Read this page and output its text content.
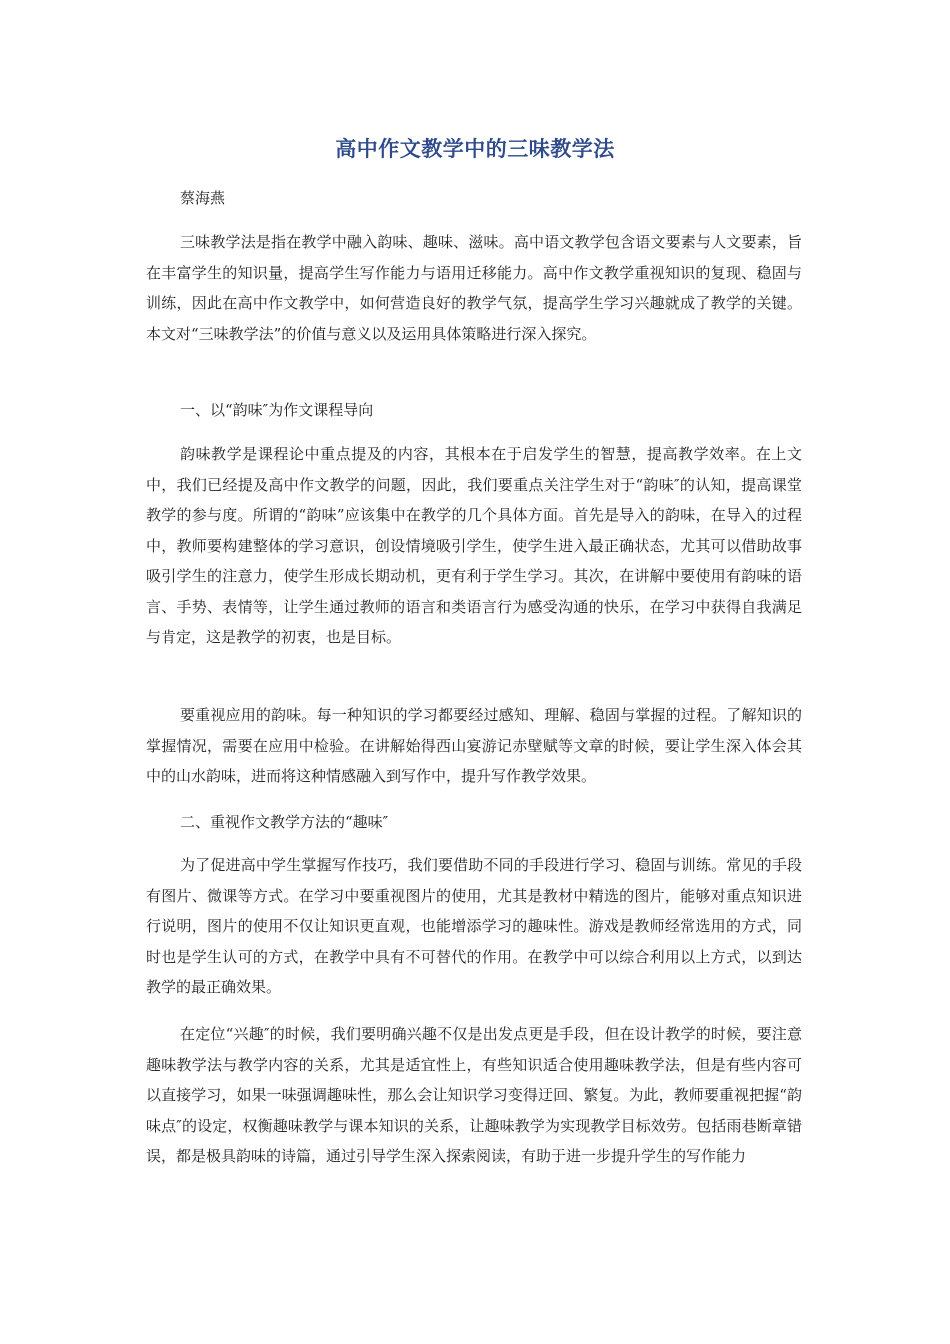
高中作文教学中的三味教学法
蔡海燕

三味教学法是指在教学中融入韵味、趣味、滋味。高中语文教学包含语文要素与人文要素，旨在丰富学生的知识量，提高学生写作能力与语用迁移能力。高中作文教学重视知识的复现、稳固与训练，因此在高中作文教学中，如何营造良好的教学气氛，提高学生学习兴趣就成了教学的关键。本文对“三味教学法”的价值与意义以及运用具体策略进行深入探究。

一、以“韵味″为作文课程导向

韵味教学是课程论中重点提及的内容，其根本在于启发学生的智慧，提高教学效率。在上文中，我们已经提及高中作文教学的问题，因此，我们要重点关注学生对于“韵味″的认知，提高课堂教学的参与度。所谓的“韵味”应该集中在教学的几个具体方面。首先是导入的韵味，在导入的过程中，教师要构建整体的学习意识，创设情境吸引学生，使学生进入最正确状态，尤其可以借助故事吸引学生的注意力，使学生形成长期动机，更有利于学生学习。其次，在讲解中要使用有韵味的语言、手势、表情等，让学生通过教师的语言和类语言行为感受沟通的快乐，在学习中获得自我满足与肯定，这是教学的初衷，也是目标。

要重视应用的韵味。每一种知识的学习都要经过感知、理解、稳固与掌握的过程。了解知识的掌握情况，需要在应用中检验。在讲解始得西山宴游记赤壁赋等文章的时候，要让学生深入体会其中的山水韵味，进而将这种情感融入到写作中，提升写作教学效果。

二、重视作文教学方法的“趣味″

为了促进高中学生掌握写作技巧，我们要借助不同的手段进行学习、稳固与训练。常见的手段有图片、微课等方式。在学习中要重视图片的使用，尤其是教材中精选的图片，能够对重点知识进行说明，图片的使用不仅让知识更直观，也能增添学习的趣味性。游戏是教师经常选用的方式，同时也是学生认可的方式，在教学中具有不可替代的作用。在教学中可以综合利用以上方式，以到达教学的最正确效果。

在定位“兴趣″的时候，我们要明确兴趣不仅是出发点更是手段，但在设计教学的时候，要注意趣味教学法与教学内容的关系，尤其是适宜性上，有些知识适合使用趣味教学法，但是有些内容可以直接学习，如果一味强调趣味性，那么会让知识学习变得迂回、繁复。为此，教师要重视把握“韵味点″的设定，权衡趣味教学与课本知识的关系，让趣味教学为实现教学目标效劳。包括雨巷断章错误，都是极具韵味的诗篇，通过引导学生深入探索阅读，有助于进一步提升学生的写作能力
